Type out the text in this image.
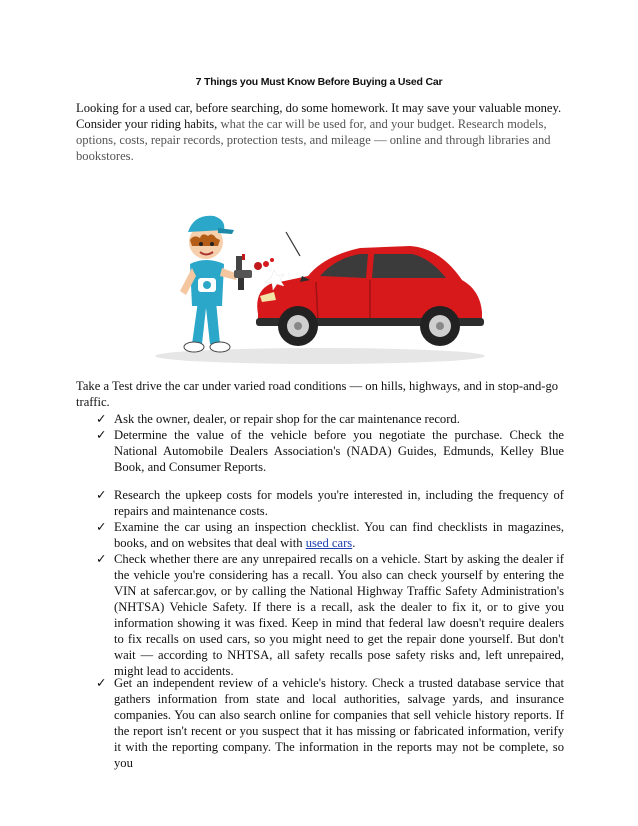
7 Things you Must Know Before Buying a Used Car
Looking for a used car, before searching, do some homework. It may save your valuable money. Consider your riding habits, what the car will be used for, and your budget. Research models, options, costs, repair records, protection tests, and mileage — online and through libraries and bookstores.
Take a Test drive the car under varied road conditions — on hills, highways, and in stop-and-go traffic.
✓ Ask the owner, dealer, or repair shop for the car maintenance record.
✓ Determine the value of the vehicle before you negotiate the purchase. Check the National Automobile Dealers Association's (NADA) Guides, Edmunds, Kelley Blue Book, and Consumer Reports.
✓ Research the upkeep costs for models you're interested in, including the frequency of repairs and maintenance costs.
✓ Examine the car using an inspection checklist. You can find checklists in magazines, books, and on websites that deal with used cars.
✓ Check whether there are any unrepaired recalls on a vehicle. Start by asking the dealer if the vehicle you're considering has a recall. You also can check yourself by entering the VIN at safercar.gov, or by calling the National Highway Traffic Safety Administration's (NHTSA) Vehicle Safety. If there is a recall, ask the dealer to fix it, or to give you information showing it was fixed. Keep in mind that federal law doesn't require dealers to fix recalls on used cars, so you might need to get the repair done yourself. But don't wait — according to NHTSA, all safety recalls pose safety risks and, left unrepaired, might lead to accidents.
✓ Get an independent review of a vehicle's history. Check a trusted database service that gathers information from state and local authorities, salvage yards, and insurance companies. You can also search online for companies that sell vehicle history reports. If the report isn't recent or you suspect that it has missing or fabricated information, verify it with the reporting company. The information in the reports may not be complete, so you
